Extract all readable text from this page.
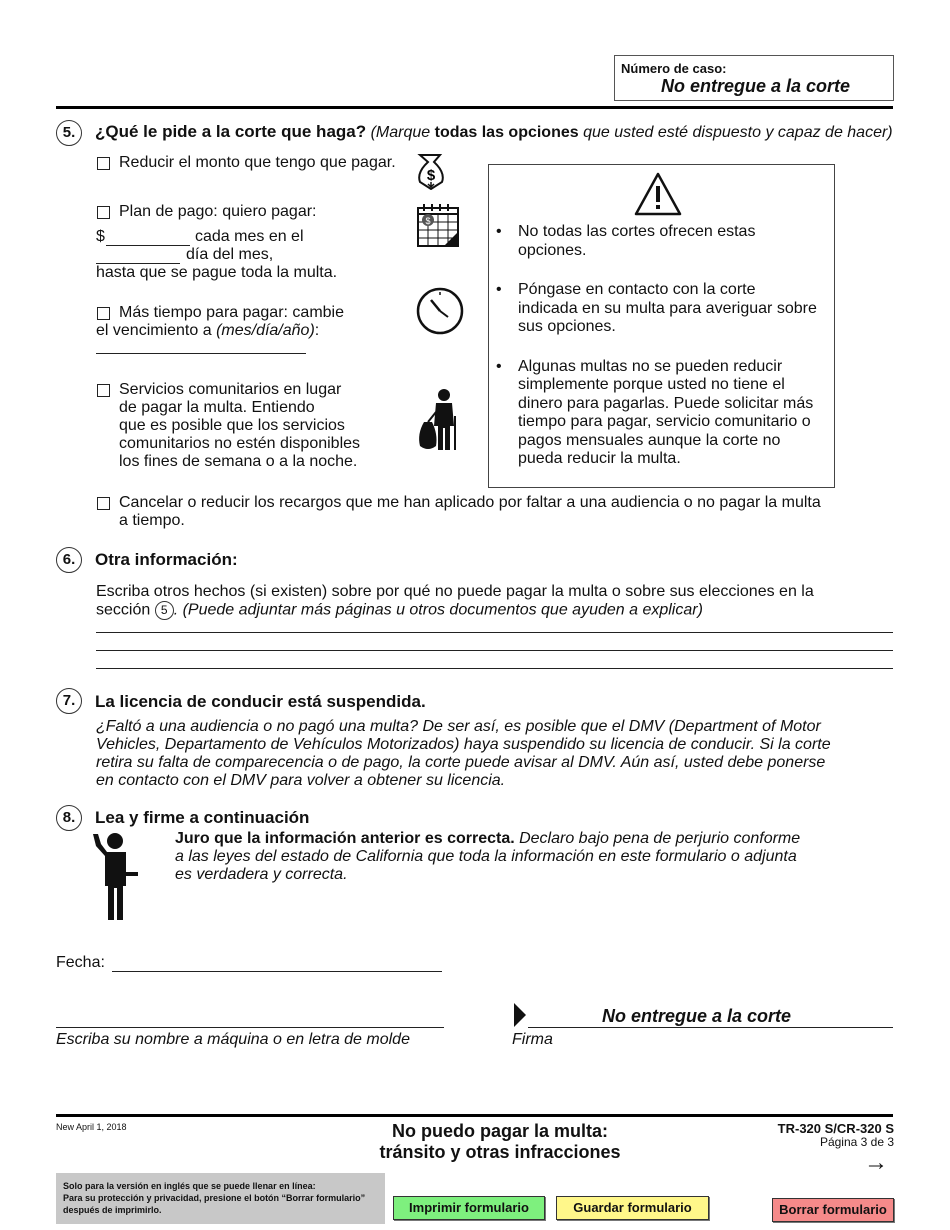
Número de caso:
No entregue a la corte
5.	¿Qué le pide a la corte que haga? (Marque todas las opciones que usted esté dispuesto y capaz de hacer)
Reducir el monto que tengo que pagar.
Plan de pago: quiero pagar:
$	cada mes en el
día del mes,
hasta que se pague toda la multa.
Más tiempo para pagar: cambie
el vencimiento a (mes/día/año):
Servicios comunitarios en lugar
de pagar la multa. Entiendo
que es posible que los servicios
comunitarios no estén disponibles
los fines de semana o a la noche.
$
$
• No todas las cortes ofrecen estas opciones.
• Póngase en contacto con la corte indicada en su multa para averiguar sobre sus opciones.
• Algunas multas no se pueden reducir simplemente porque usted no tiene el dinero para pagarlas. Puede solicitar más tiempo para pagar, servicio comunitario o pagos mensuales aunque la corte no pueda reducir la multa.
Cancelar o reducir los recargos que me han aplicado por faltar a una audiencia o no pagar la multa
a tiempo.
6.	Otra información:
Escriba otros hechos (si existen) sobre por qué no puede pagar la multa o sobre sus elecciones en la
sección 5 . (Puede adjuntar más páginas u otros documentos que ayuden a explicar)
7.	La licencia de conducir está suspendida.
¿Faltó a una audiencia o no pagó una multa? De ser así, es posible que el DMV (Department of Motor
Vehicles, Departamento de Vehículos Motorizados) haya suspendido su licencia de conducir. Si la corte
retira su falta de comparecencia o de pago, la corte puede avisar al DMV. Aún así, usted debe ponerse
en contacto con el DMV para volver a obtener su licencia.
8.	Lea y firme a continuación
Juro que la información anterior es correcta. Declaro bajo pena de perjurio conforme
a las leyes del estado de California que toda la información en este formulario o adjunta
es verdadera y correcta.
Fecha:
Escriba su nombre a máquina o en letra de molde
No entregue a la corte
Firma
New April 1, 2018	No puedo pagar la multa:
tránsito y otras infracciones
TR-320 S/CR-320 S
Página 3 de 3
→
Solo para la versión en inglés que se puede llenar en línea:
Para su protección y privacidad, presione el botón “Borrar formulario”
después de imprimirlo.	Imprimir formulario	Guardar formulario	Borrar formulario
